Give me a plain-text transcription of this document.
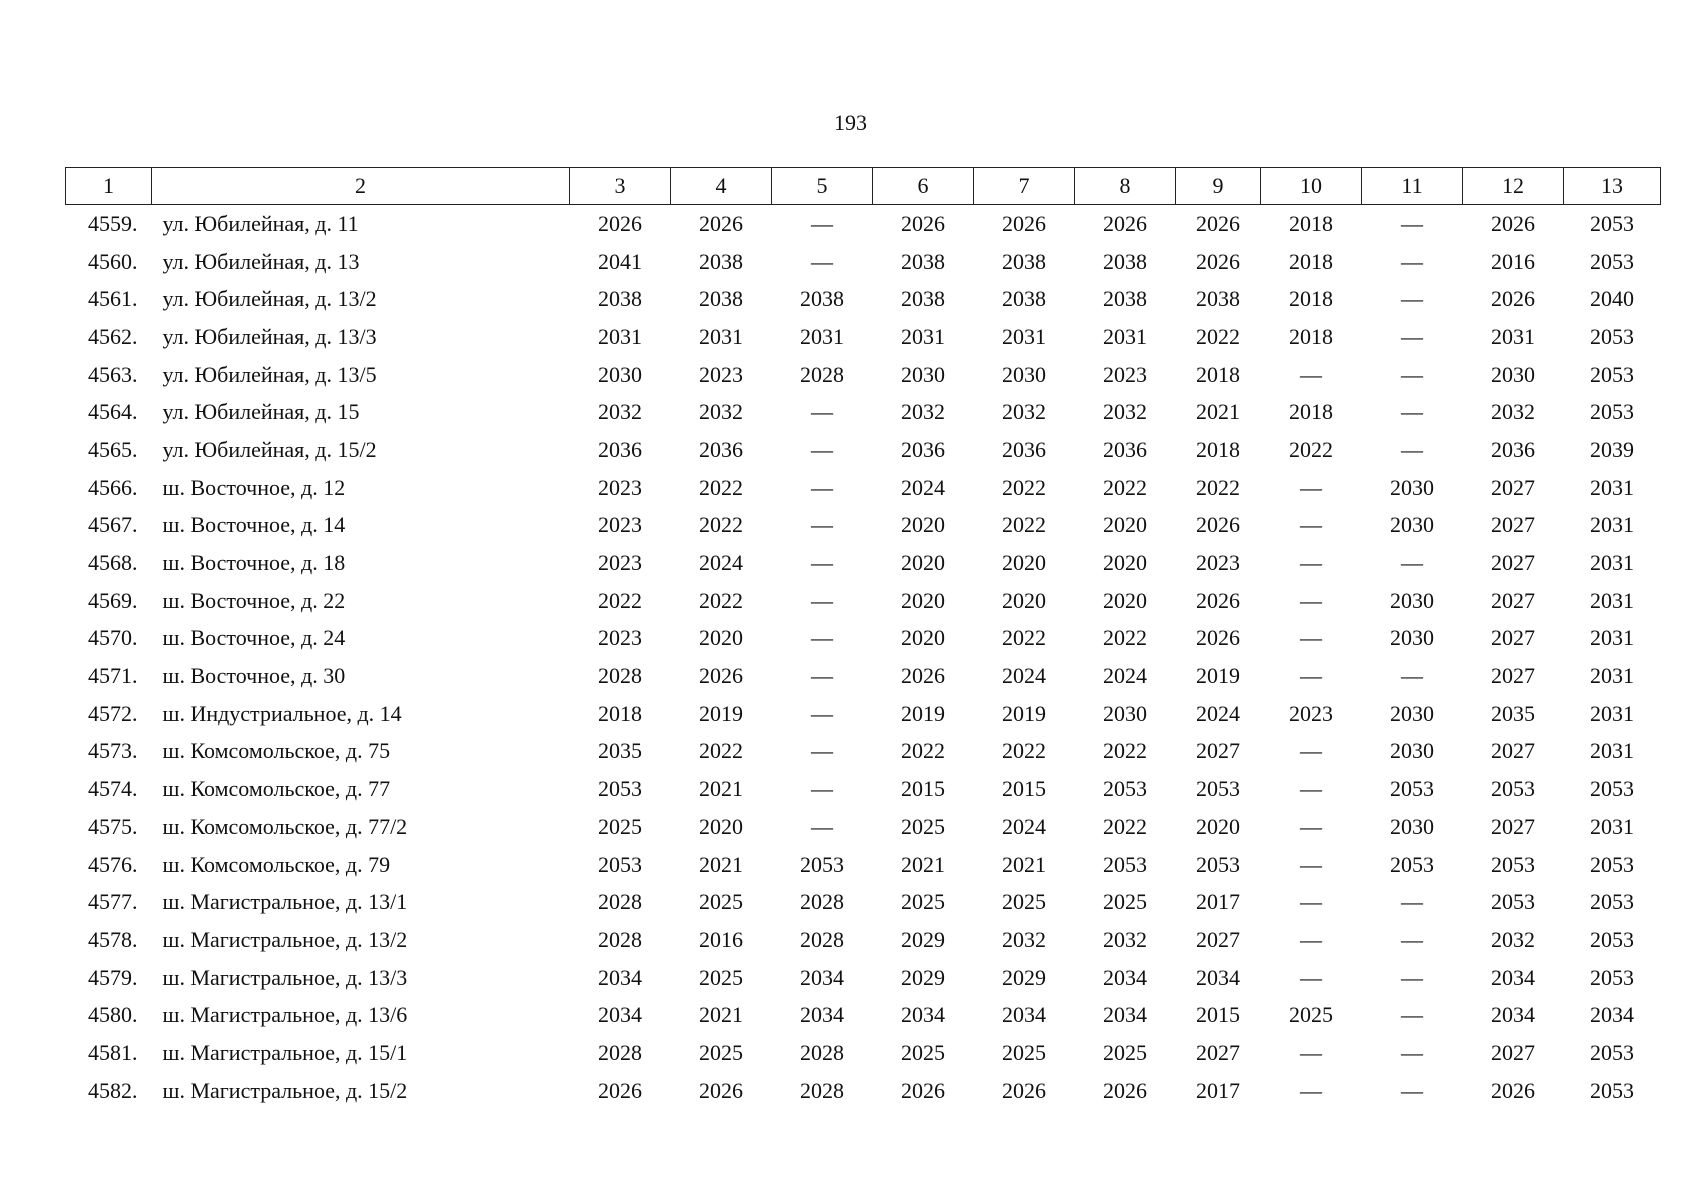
193
1	2	3	4	5	6	7	8	9	10	11	12	13
4559.	ул. Юбилейная, д. 11	2026	2026	—	2026	2026	2026	2026	2018	—	2026	2053
4560.	ул. Юбилейная, д. 13	2041	2038	—	2038	2038	2038	2026	2018	—	2016	2053
4561.	ул. Юбилейная, д. 13/2	2038	2038	2038	2038	2038	2038	2038	2018	—	2026	2040
4562.	ул. Юбилейная, д. 13/3	2031	2031	2031	2031	2031	2031	2022	2018	—	2031	2053
4563.	ул. Юбилейная, д. 13/5	2030	2023	2028	2030	2030	2023	2018	—	—	2030	2053
4564.	ул. Юбилейная, д. 15	2032	2032	—	2032	2032	2032	2021	2018	—	2032	2053
4565.	ул. Юбилейная, д. 15/2	2036	2036	—	2036	2036	2036	2018	2022	—	2036	2039
4566.	ш. Восточное, д. 12	2023	2022	—	2024	2022	2022	2022	—	2030	2027	2031
4567.	ш. Восточное, д. 14	2023	2022	—	2020	2022	2020	2026	—	2030	2027	2031
4568.	ш. Восточное, д. 18	2023	2024	—	2020	2020	2020	2023	—	—	2027	2031
4569.	ш. Восточное, д. 22	2022	2022	—	2020	2020	2020	2026	—	2030	2027	2031
4570.	ш. Восточное, д. 24	2023	2020	—	2020	2022	2022	2026	—	2030	2027	2031
4571.	ш. Восточное, д. 30	2028	2026	—	2026	2024	2024	2019	—	—	2027	2031
4572.	ш. Индустриальное, д. 14	2018	2019	—	2019	2019	2030	2024	2023	2030	2035	2031
4573.	ш. Комсомольское, д. 75	2035	2022	—	2022	2022	2022	2027	—	2030	2027	2031
4574.	ш. Комсомольское, д. 77	2053	2021	—	2015	2015	2053	2053	—	2053	2053	2053
4575.	ш. Комсомольское, д. 77/2	2025	2020	—	2025	2024	2022	2020	—	2030	2027	2031
4576.	ш. Комсомольское, д. 79	2053	2021	2053	2021	2021	2053	2053	—	2053	2053	2053
4577.	ш. Магистральное, д. 13/1	2028	2025	2028	2025	2025	2025	2017	—	—	2053	2053
4578.	ш. Магистральное, д. 13/2	2028	2016	2028	2029	2032	2032	2027	—	—	2032	2053
4579.	ш. Магистральное, д. 13/3	2034	2025	2034	2029	2029	2034	2034	—	—	2034	2053
4580.	ш. Магистральное, д. 13/6	2034	2021	2034	2034	2034	2034	2015	2025	—	2034	2034
4581.	ш. Магистральное, д. 15/1	2028	2025	2028	2025	2025	2025	2027	—	—	2027	2053
4582.	ш. Магистральное, д. 15/2	2026	2026	2028	2026	2026	2026	2017	—	—	2026	2053
